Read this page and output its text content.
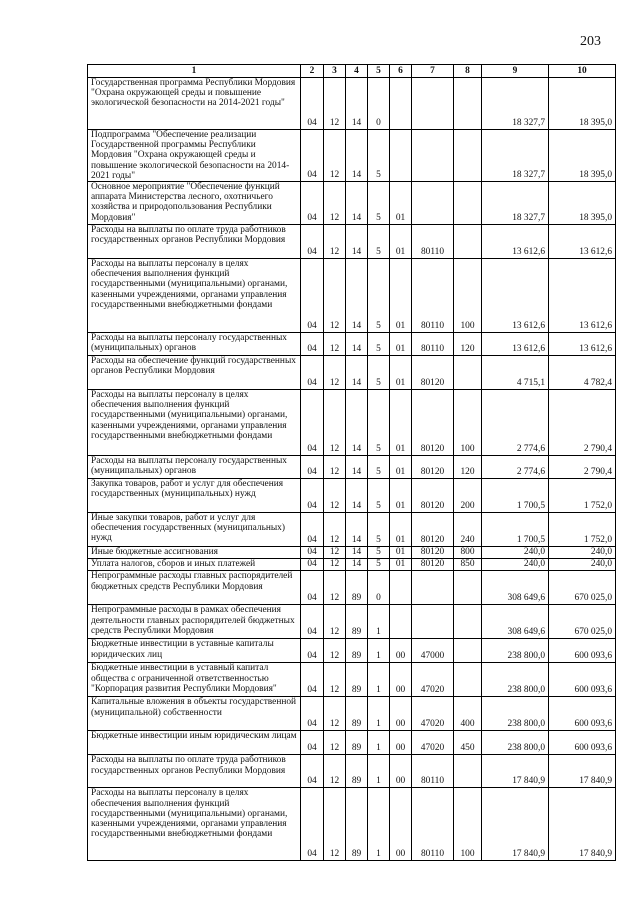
203
1	2	3	4	5	6	7	8	9	10
Государственная программа Республики Мордовия "Охрана окружающей среды и повышение экологической безопасности на 2014-2021 годы"	04	12	14	0				18 327,7	18 395,0
Подпрограмма "Обеспечение реализации Государственной программы Республики Мордовия "Охрана окружающей среды и повышение экологической безопасности на 2014-2021 годы"	04	12	14	5				18 327,7	18 395,0
Основное мероприятие "Обеспечение функций аппарата Министерства лесного, охотничьего хозяйства и природопользования Республики Мордовия"	04	12	14	5	01			18 327,7	18 395,0
Расходы на выплаты по оплате труда работников государственных органов Республики Мордовия	04	12	14	5	01	80110		13 612,6	13 612,6
Расходы на выплаты персоналу в целях обеспечения выполнения функций государственными (муниципальными) органами, казенными учреждениями, органами управления государственными внебюджетными фондами	04	12	14	5	01	80110	100	13 612,6	13 612,6
Расходы на выплаты персоналу государственных (муниципальных) органов	04	12	14	5	01	80110	120	13 612,6	13 612,6
Расходы на обеспечение функций государственных органов Республики Мордовия	04	12	14	5	01	80120		4 715,1	4 782,4
Расходы на выплаты персоналу в целях обеспечения выполнения функций государственными (муниципальными) органами, казенными учреждениями, органами управления государственными внебюджетными фондами	04	12	14	5	01	80120	100	2 774,6	2 790,4
Расходы на выплаты персоналу государственных (муниципальных) органов	04	12	14	5	01	80120	120	2 774,6	2 790,4
Закупка товаров, работ и услуг для обеспечения государственных (муниципальных) нужд	04	12	14	5	01	80120	200	1 700,5	1 752,0
Иные закупки товаров, работ и услуг для обеспечения государственных (муниципальных) нужд	04	12	14	5	01	80120	240	1 700,5	1 752,0
Иные бюджетные ассигнования	04	12	14	5	01	80120	800	240,0	240,0
Уплата налогов, сборов и иных платежей	04	12	14	5	01	80120	850	240,0	240,0
Непрограммные расходы главных распорядителей бюджетных средств Республики Мордовия	04	12	89	0				308 649,6	670 025,0
Непрограммные расходы в рамках обеспечения деятельности главных распорядителей бюджетных средств Республики Мордовия	04	12	89	1				308 649,6	670 025,0
Бюджетные инвестиции в уставные капиталы юридических лиц	04	12	89	1	00	47000		238 800,0	600 093,6
Бюджетные инвестиции в уставный капитал общества с ограниченной ответственностью "Корпорация развития Республики Мордовия"	04	12	89	1	00	47020		238 800,0	600 093,6
Капитальные вложения в объекты государственной (муниципальной) собственности	04	12	89	1	00	47020	400	238 800,0	600 093,6
Бюджетные инвестиции иным юридическим лицам	04	12	89	1	00	47020	450	238 800,0	600 093,6
Расходы на выплаты по оплате труда работников государственных органов Республики Мордовия	04	12	89	1	00	80110		17 840,9	17 840,9
Расходы на выплаты персоналу в целях обеспечения выполнения функций государственными (муниципальными) органами, казенными учреждениями, органами управления государственными внебюджетными фондами	04	12	89	1	00	80110	100	17 840,9	17 840,9
